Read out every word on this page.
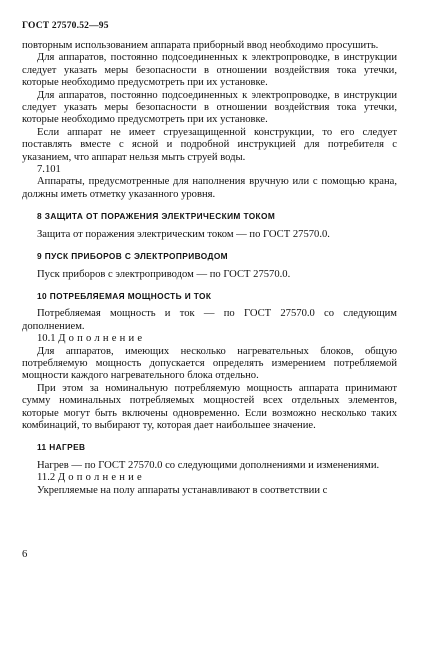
ГОСТ 27570.52—95

повторным использованием аппарата приборный ввод необходимо просушить.

Для аппаратов, постоянно подсоединенных к электропроводке, в инструкции следует указать меры безопасности в отношении воздействия тока утечки, которые необходимо предусмотреть при их установке.

Для аппаратов, постоянно подсоединенных к электропроводке, в инструкции следует указать меры безопасности в отношении воздействия тока утечки, которые необходимо предусмотреть при их установке.

Если аппарат не имеет струезащищенной конструкции, то его следует поставлять вместе с ясной и подробной инструкцией для потребителя с указанием, что аппарат нельзя мыть струей воды.

7.101

Аппараты, предусмотренные для наполнения вручную или с помощью крана, должны иметь отметку указанного уровня.

8 ЗАЩИТА ОТ ПОРАЖЕНИЯ ЭЛЕКТРИЧЕСКИМ ТОКОМ

Защита от поражения электрическим током — по ГОСТ 27570.0.

9 ПУСК ПРИБОРОВ С ЭЛЕКТРОПРИВОДОМ

Пуск приборов с электроприводом — по ГОСТ 27570.0.

10 ПОТРЕБЛЯЕМАЯ МОЩНОСТЬ И ТОК

Потребляемая мощность и ток — по ГОСТ 27570.0 со следующим дополнением.

10.1 Дополнение

Для аппаратов, имеющих несколько нагревательных блоков, общую потребляемую мощность допускается определять измерением потребляемой мощности каждого нагревательного блока отдельно.

При этом за номинальную потребляемую мощность аппарата принимают сумму номинальных потребляемых мощностей всех отдельных элементов, которые могут быть включены одновременно. Если возможно несколько таких комбинаций, то выбирают ту, которая дает наибольшее значение.

11 НАГРЕВ

Нагрев — по ГОСТ 27570.0 со следующими дополнениями и изменениями.

11.2 Дополнение

Укрепляемые на полу аппараты устанавливают в соответствии с

6
